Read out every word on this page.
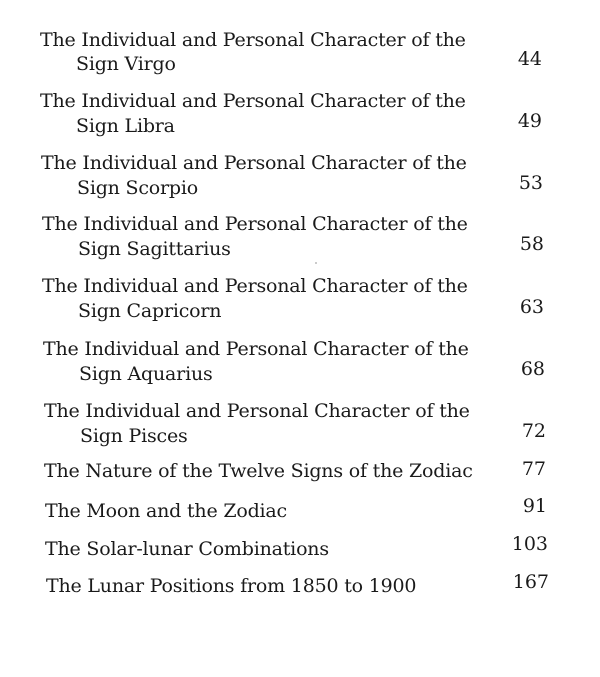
The Individual and Personal Character of the
Sign Virgo	44
The Individual and Personal Character of the
Sign Libra	49
The Individual and Personal Character of the
Sign Scorpio	53
The Individual and Personal Character of the
Sign Sagittarius	58
The Individual and Personal Character of the
Sign Capricorn	63
The Individual and Personal Character of the
Sign Aquarius	68
The Individual and Personal Character of the
Sign Pisces	72
The Nature of the Twelve Signs of the Zodiac	77
The Moon and the Zodiac	91
The Solar-lunar Combinations	103
The Lunar Positions from 1850 to 1900	167
